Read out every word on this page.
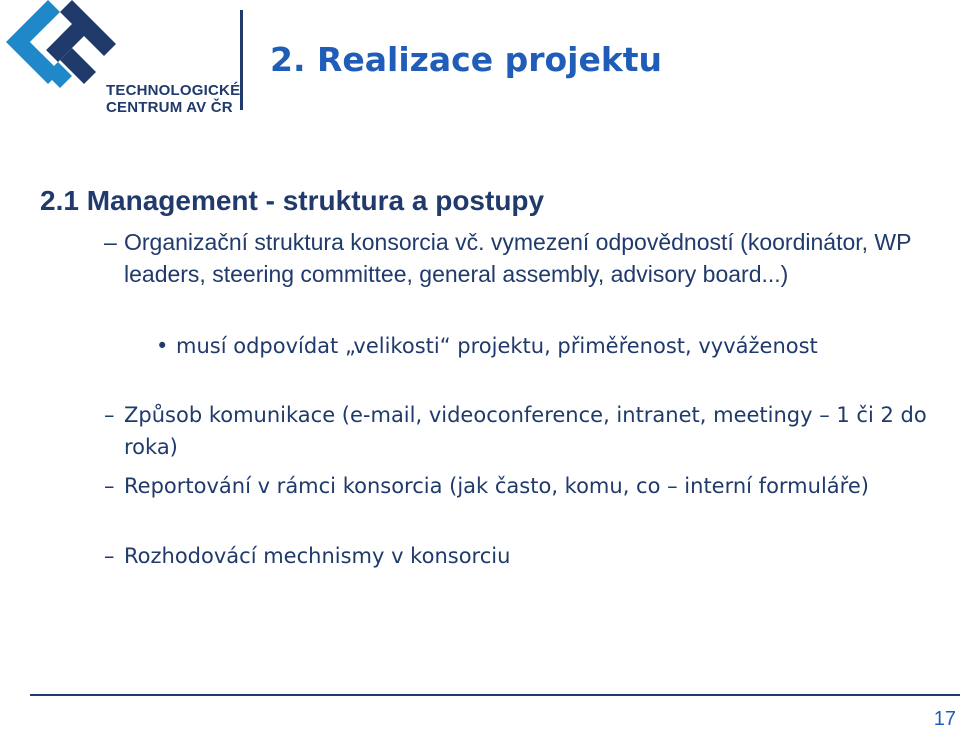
TECHNOLOGICKÉ
CENTRUM AV ČR
2. Realizace projektu
2.1 Management - struktura a postupy
– Organizační struktura konsorcia vč. vymezení odpovědností (koordinátor, WP leaders, steering committee, general assembly, advisory board...)
• musí odpovídat „velikosti“ projektu, přiměřenost, vyváženost
– Způsob komunikace (e-mail, videoconference, intranet, meetingy – 1 či 2 do roka)
– Reportování v rámci konsorcia (jak často, komu, co – interní formuláře)
– Rozhodovácí mechnismy v konsorciu
17
